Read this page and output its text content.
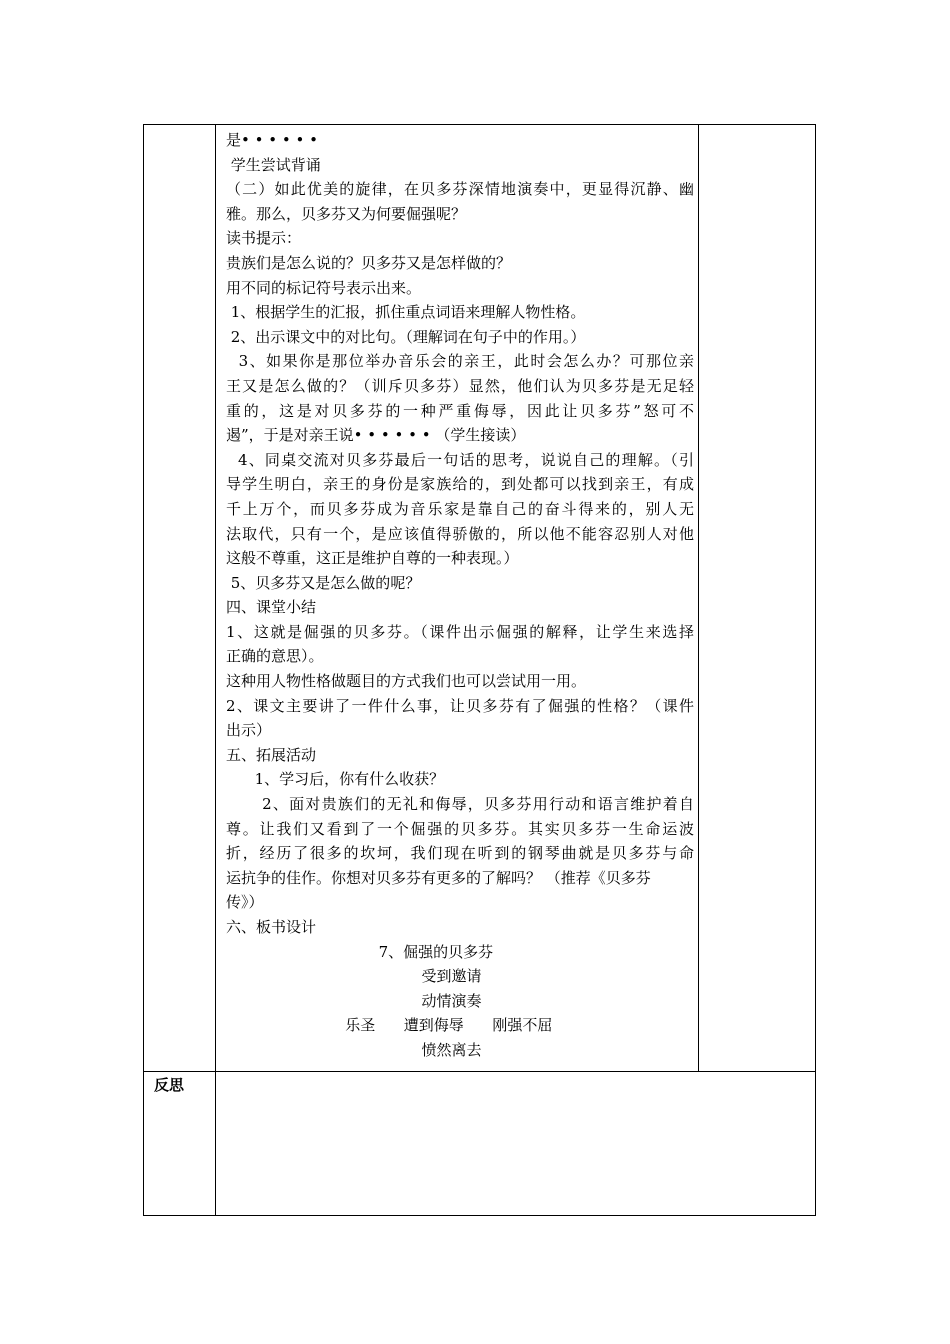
是• • • • • •

学生尝试背诵

（二）如此优美的旋律，在贝多芬深情地演奏中，更显得沉静、幽

雅。那么，贝多芬又为何要倔强呢？

读书提示：

贵族们是怎么说的？贝多芬又是怎样做的？

用不同的标记符号表示出来。

1、根据学生的汇报，抓住重点词语来理解人物性格。

2、出示课文中的对比句。（理解词在句子中的作用。）

3、如果你是那位举办音乐会的亲王，此时会怎么办？可那位亲

王又是怎么做的？（训斥贝多芬）显然，他们认为贝多芬是无足轻

重的，这是对贝多芬的一种严重侮辱，因此让贝多芬”怒可不

遏”，于是对亲王说• • • • • • （学生接读）

4、同桌交流对贝多芬最后一句话的思考，说说自己的理解。（引

导学生明白，亲王的身份是家族给的，到处都可以找到亲王，有成

千上万个，而贝多芬成为音乐家是靠自己的奋斗得来的，别人无

法取代，只有一个，是应该值得骄傲的，所以他不能容忍别人对他

这般不尊重，这正是维护自尊的一种表现。）

5、贝多芬又是怎么做的呢？

四、课堂小结

1、这就是倔强的贝多芬。（课件出示倔强的解释，让学生来选择

正确的意思）。

这种用人物性格做题目的方式我们也可以尝试用一用。

2、课文主要讲了一件什么事，让贝多芬有了倔强的性格？（课件

出示）

五、拓展活动

1、学习后，你有什么收获？

2、面对贵族们的无礼和侮辱，贝多芬用行动和语言维护着自

尊。让我们又看到了一个倔强的贝多芬。其实贝多芬一生命运波

折，经历了很多的坎坷，我们现在听到的钢琴曲就是贝多芬与命

运抗争的佳作。你想对贝多芬有更多的了解吗？ （推荐《贝多芬

传》）

六、板书设计

7、倔强的贝多芬

受到邀请

动情演奏

乐圣      遭到侮辱      刚强不屈

愤然离去

反思
